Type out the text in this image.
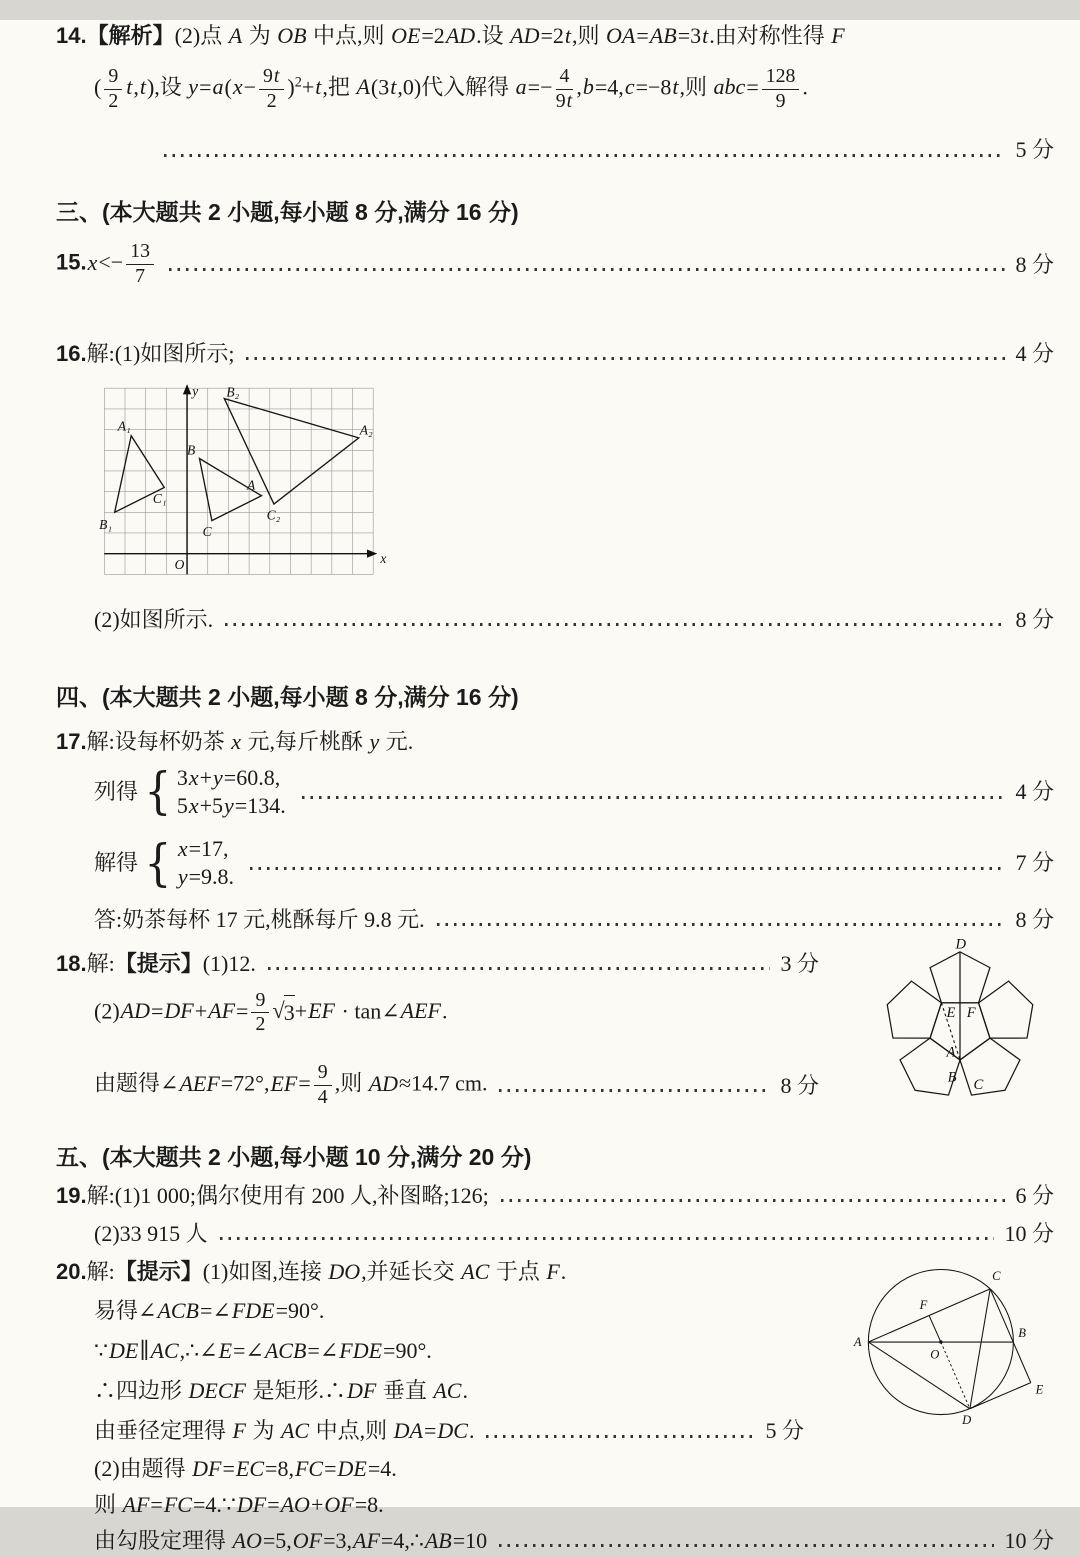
14.【解析】(2)点 A 为 OB 中点,则 OE=2AD.设 AD=2t,则 OA=AB=3t.由对称性得 F
( $\frac{9}{2} t,t$),设 $y=a(x- \frac{9t}{2} )^2+t$,把 A(3t,0)代入解得 $a=- \frac{4}{9t} ,b=4,c=-8t$,则 $abc= \frac{128}{9}$ .
5 分
三、(本大题共 2 小题,每小题 8 分,满分 16 分)
$15.x<- \frac{13}{7}$	8 分
16.解:(1)如图所示;	4 分
y
x
O
B₂
A₂
A₁
B₁
C₁
B
C
A
C₂
(2)如图所示.	8 分
四、(本大题共 2 小题,每小题 8 分,满分 16 分)
17.解:设每杯奶茶 x 元,每斤桃酥 y 元.
列得 { 3x+y=60.8,
5x+5y=134.
4 分
解得 { x=17,
y=9.8.
7 分
答:奶茶每杯 17 元,桃酥每斤 9.8 元.	8 分
18.解:【提示】(1)12.	3 分
$(2)AD=DF+AF= \frac{9}{2}$ √ 3 +EF · tan∠AEF.
由题得∠AEF=72°,EF= $\frac{9}{4}$ ,则 AD≈14.7 cm.	8 分
D
E F
A
B C
五、(本大题共 2 小题,每小题 10 分,满分 20 分)
19.解:(1)1 000;偶尔使用有 200 人,补图略;126;	6 分
(2)33 915 人	10 分
20.解:【提示】(1)如图,连接 DO,并延长交 AC 于点 F.
易得∠ACB=∠FDE=90°.
∵DE∥AC,∴∠E=∠ACB=∠FDE=90°.
∴四边形 DECF 是矩形.∴DF 垂直 AC.
由垂径定理得 F 为 AC 中点,则 DA=DC.	5 分
A
B
C
D
E
F
O
(2)由题得 DF=EC=8,FC=DE=4.
则 AF=FC=4.∵DF=AO+OF=8.
由勾股定理得 AO=5,OF=3,AF=4,∴AB=10	10 分
